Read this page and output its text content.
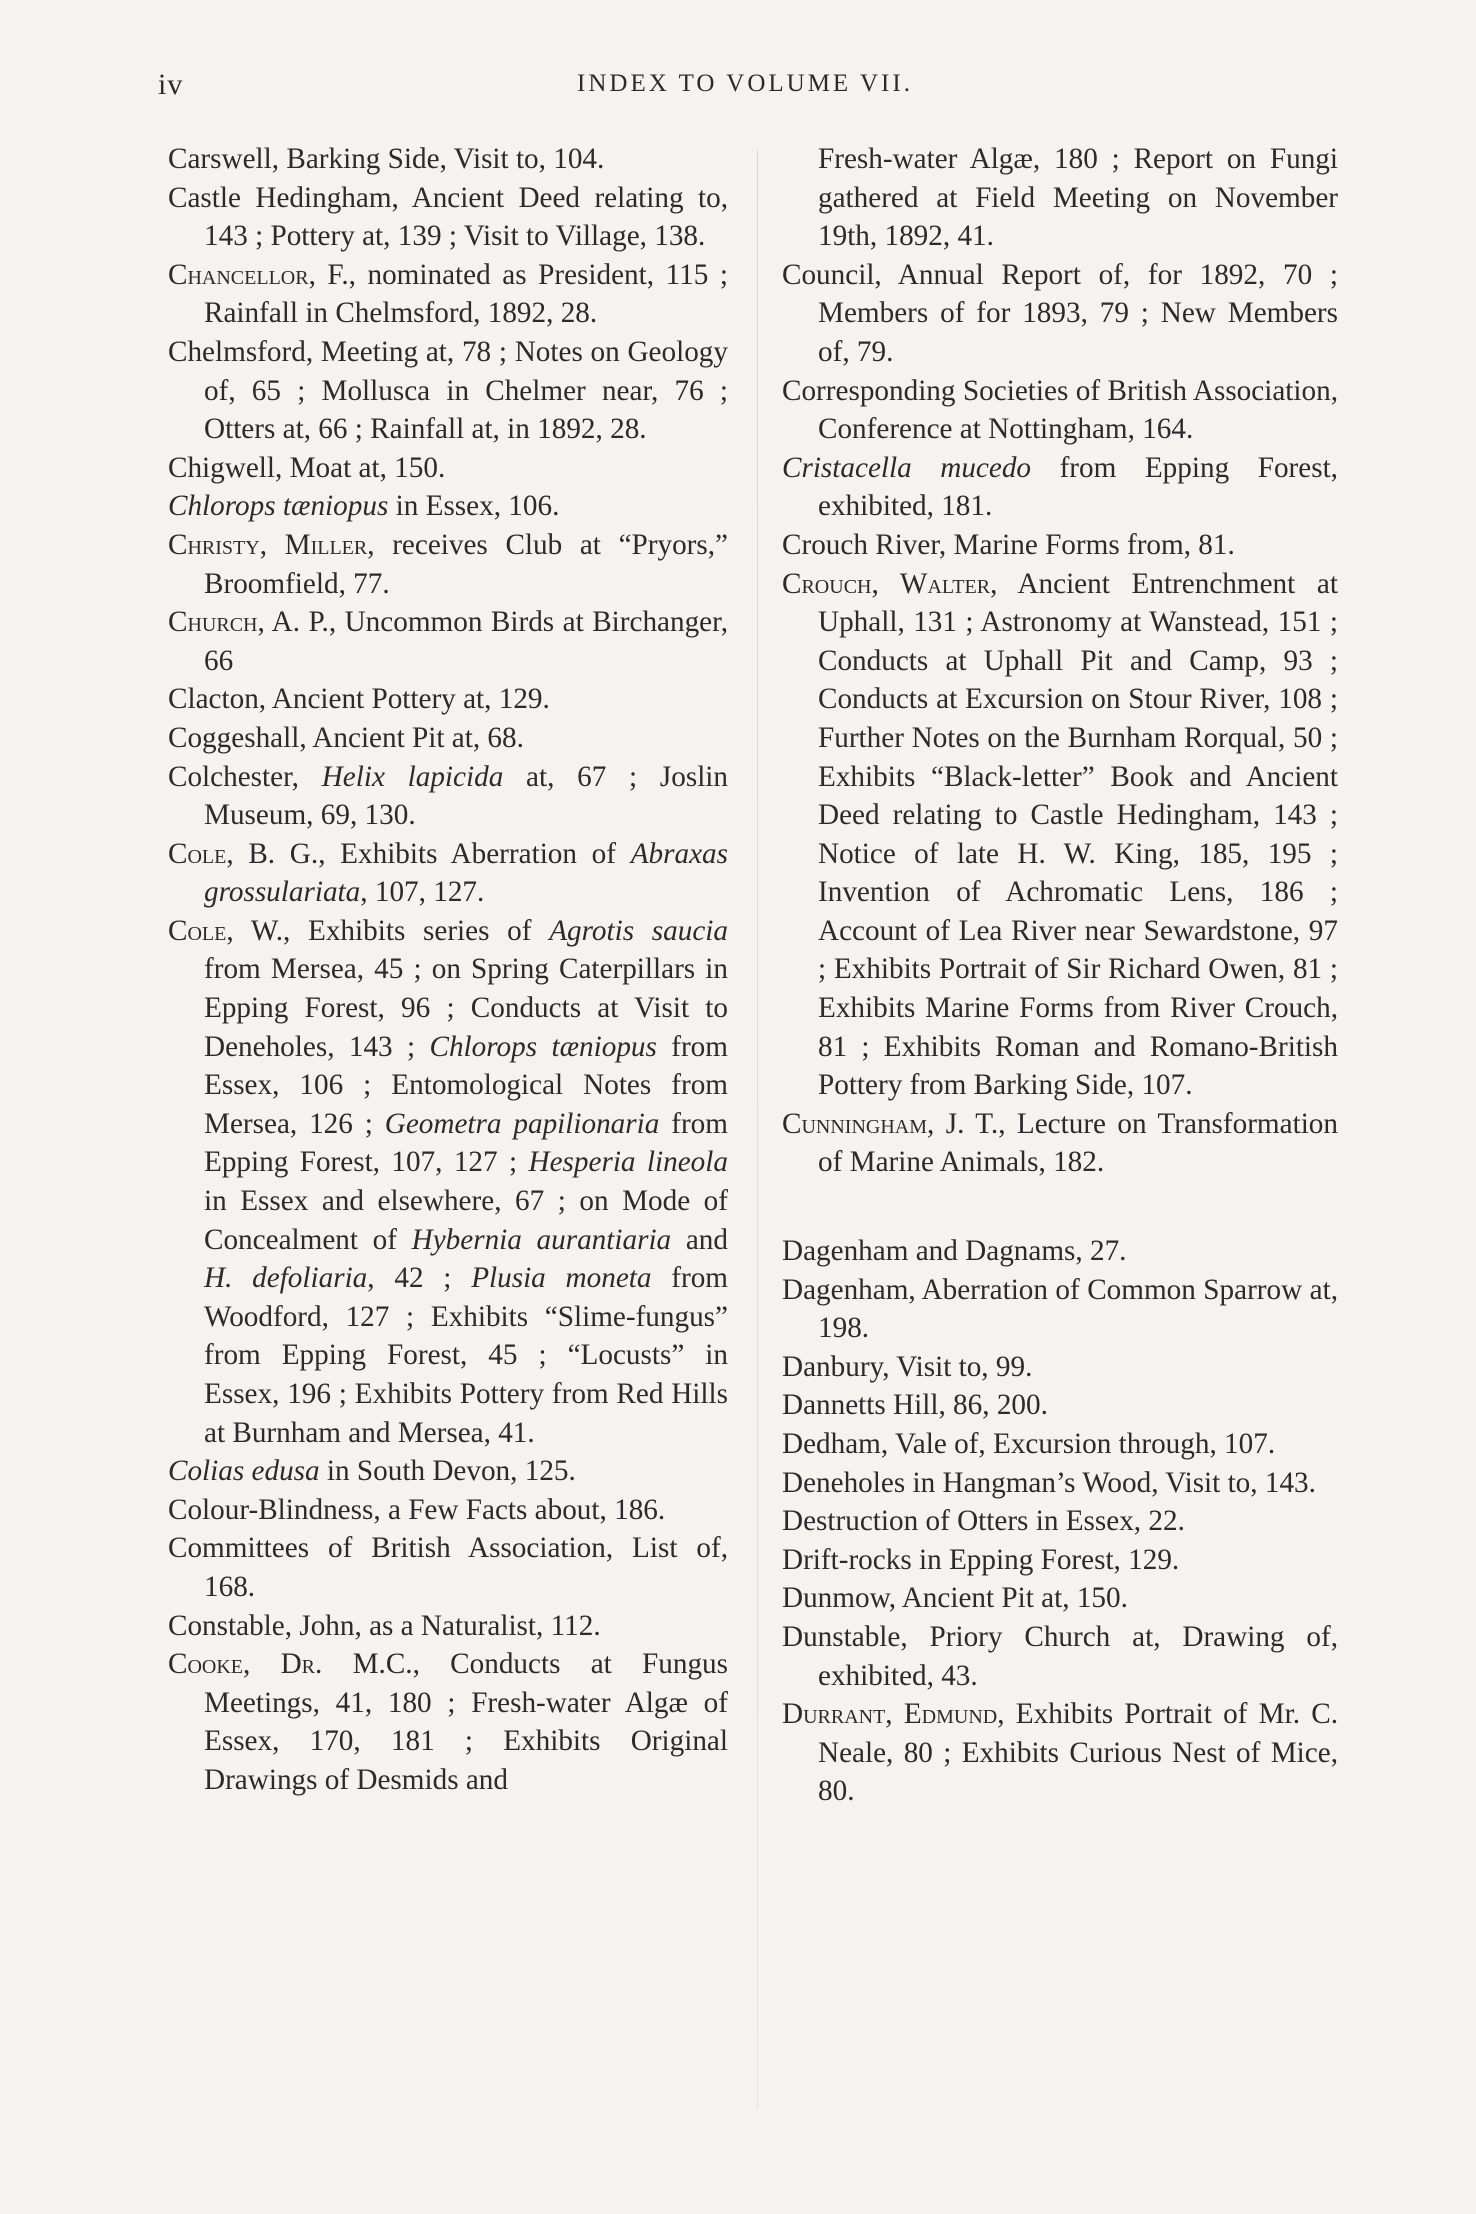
iv	INDEX TO VOLUME VII.

Carswell, Barking Side, Visit to, 104.

Castle Hedingham, Ancient Deed relating to, 143 ; Pottery at, 139 ; Visit to Village, 138.

Chancellor, F., nominated as President, 115 ; Rainfall in Chelmsford, 1892, 28.

Chelmsford, Meeting at, 78 ; Notes on Geology of, 65 ; Mollusca in Chelmer near, 76 ; Otters at, 66 ; Rainfall at, in 1892, 28.

Chigwell, Moat at, 150.

Chlorops tæniopus in Essex, 106.

Christy, Miller, receives Club at “Pryors,” Broomfield, 77.

Church, A. P., Uncommon Birds at Birchanger, 66

Clacton, Ancient Pottery at, 129.

Coggeshall, Ancient Pit at, 68.

Colchester, Helix lapicida at, 67 ; Joslin Museum, 69, 130.

Cole, B. G., Exhibits Aberration of Abraxas grossulariata, 107, 127.

Cole, W., Exhibits series of Agrotis saucia from Mersea, 45 ; on Spring Caterpillars in Epping Forest, 96 ; Conducts at Visit to Deneholes, 143 ; Chlorops tæniopus from Essex, 106 ; Entomological Notes from Mersea, 126 ; Geometra papilionaria from Epping Forest, 107, 127 ; Hesperia lineola in Essex and elsewhere, 67 ; on Mode of Concealment of Hybernia aurantiaria and H. defoliaria, 42 ; Plusia moneta from Woodford, 127 ; Exhibits “Slime-fungus” from Epping Forest, 45 ; “Locusts” in Essex, 196 ; Exhibits Pottery from Red Hills at Burnham and Mersea, 41.

Colias edusa in South Devon, 125.

Colour-Blindness, a Few Facts about, 186.

Committees of British Association, List of, 168.

Constable, John, as a Naturalist, 112.

Cooke, Dr. M.C., Conducts at Fungus Meetings, 41, 180 ; Fresh-water Algæ of Essex, 170, 181 ; Exhibits Original Drawings of Desmids and

Fresh-water Algæ, 180 ; Report on Fungi gathered at Field Meeting on November 19th, 1892, 41.

Council, Annual Report of, for 1892, 70 ; Members of for 1893, 79 ; New Members of, 79.

Corresponding Societies of British Association, Conference at Nottingham, 164.

Cristacella mucedo from Epping Forest, exhibited, 181.

Crouch River, Marine Forms from, 81.

Crouch, Walter, Ancient Entrenchment at Uphall, 131 ; Astronomy at Wanstead, 151 ; Conducts at Uphall Pit and Camp, 93 ; Conducts at Excursion on Stour River, 108 ; Further Notes on the Burnham Rorqual, 50 ; Exhibits “Black-letter” Book and Ancient Deed relating to Castle Hedingham, 143 ; Notice of late H. W. King, 185, 195 ; Invention of Achromatic Lens, 186 ; Account of Lea River near Sewardstone, 97 ; Exhibits Portrait of Sir Richard Owen, 81 ; Exhibits Marine Forms from River Crouch, 81 ; Exhibits Roman and Romano-British Pottery from Barking Side, 107.

Cunningham, J. T., Lecture on Transformation of Marine Animals, 182.

Dagenham and Dagnams, 27.

Dagenham, Aberration of Common Sparrow at, 198.

Danbury, Visit to, 99.

Dannetts Hill, 86, 200.

Dedham, Vale of, Excursion through, 107.

Deneholes in Hangman’s Wood, Visit to, 143.

Destruction of Otters in Essex, 22.

Drift-rocks in Epping Forest, 129.

Dunmow, Ancient Pit at, 150.

Dunstable, Priory Church at, Drawing of, exhibited, 43.

Durrant, Edmund, Exhibits Portrait of Mr. C. Neale, 80 ; Exhibits Curious Nest of Mice, 80.
